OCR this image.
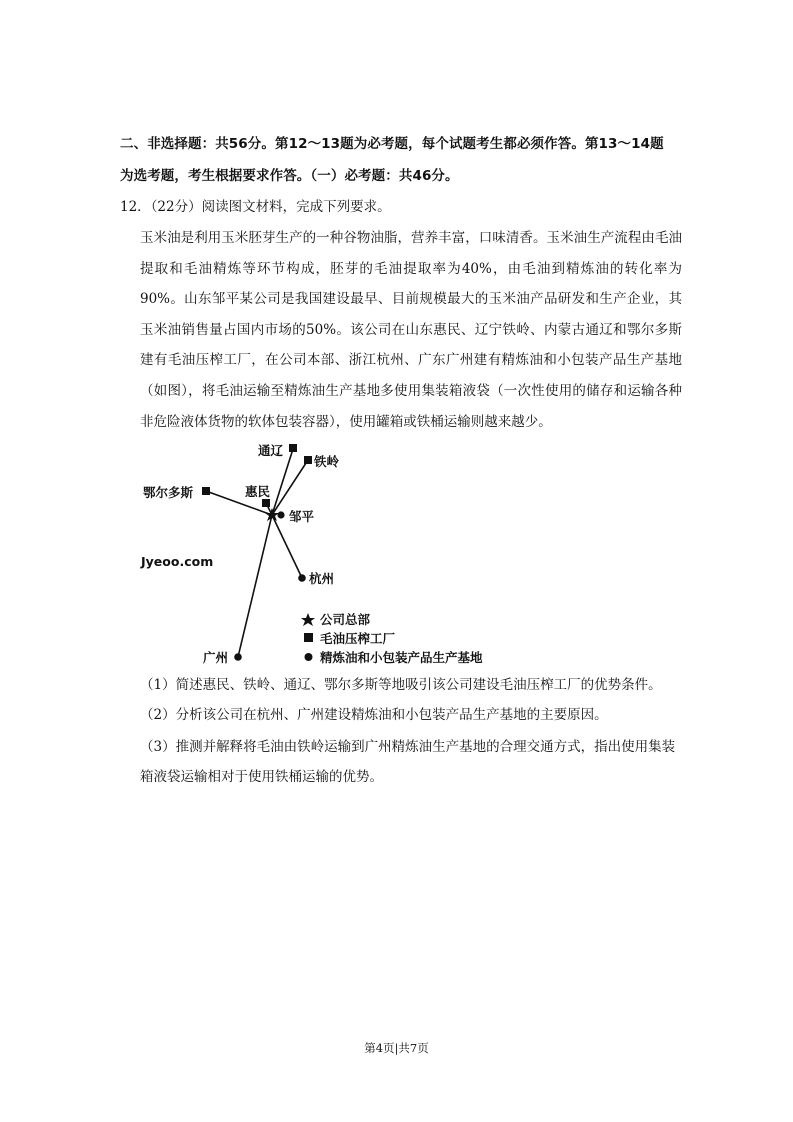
二、非选择题：共56分。第12～13题为必考题，每个试题考生都必须作答。第13～14题
为选考题，考生根据要求作答。（一）必考题：共46分。
12．（22分）阅读图文材料，完成下列要求。
玉米油是利用玉米胚芽生产的一种谷物油脂，营养丰富，口味清香。玉米油生产流程由毛油提取和毛油精炼等环节构成，胚芽的毛油提取率为40%，由毛油到精炼油的转化率为90%。山东邹平某公司是我国建设最早、目前规模最大的玉米油产品研发和生产企业，其玉米油销售量占国内市场的50%。该公司在山东惠民、辽宁铁岭、内蒙古通辽和鄂尔多斯建有毛油压榨工厂，在公司本部、浙江杭州、广东广州建有精炼油和小包装产品生产基地（如图），将毛油运输至精炼油生产基地多使用集装箱液袋（一次性使用的储存和运输各种非危险液体货物的软体包装容器），使用罐箱或铁桶运输则越来越少。
Jyeoo.com
通辽
铁岭
鄂尔多斯	惠民
邹平
杭州
广州
公司总部
毛油压榨工厂
精炼油和小包装产品生产基地
（1）简述惠民、铁岭、通辽、鄂尔多斯等地吸引该公司建设毛油压榨工厂的优势条件。
（2）分析该公司在杭州、广州建设精炼油和小包装产品生产基地的主要原因。
（3）推测并解释将毛油由铁岭运输到广州精炼油生产基地的合理交通方式，指出使用集装箱液袋运输相对于使用铁桶运输的优势。
第4页|共7页
